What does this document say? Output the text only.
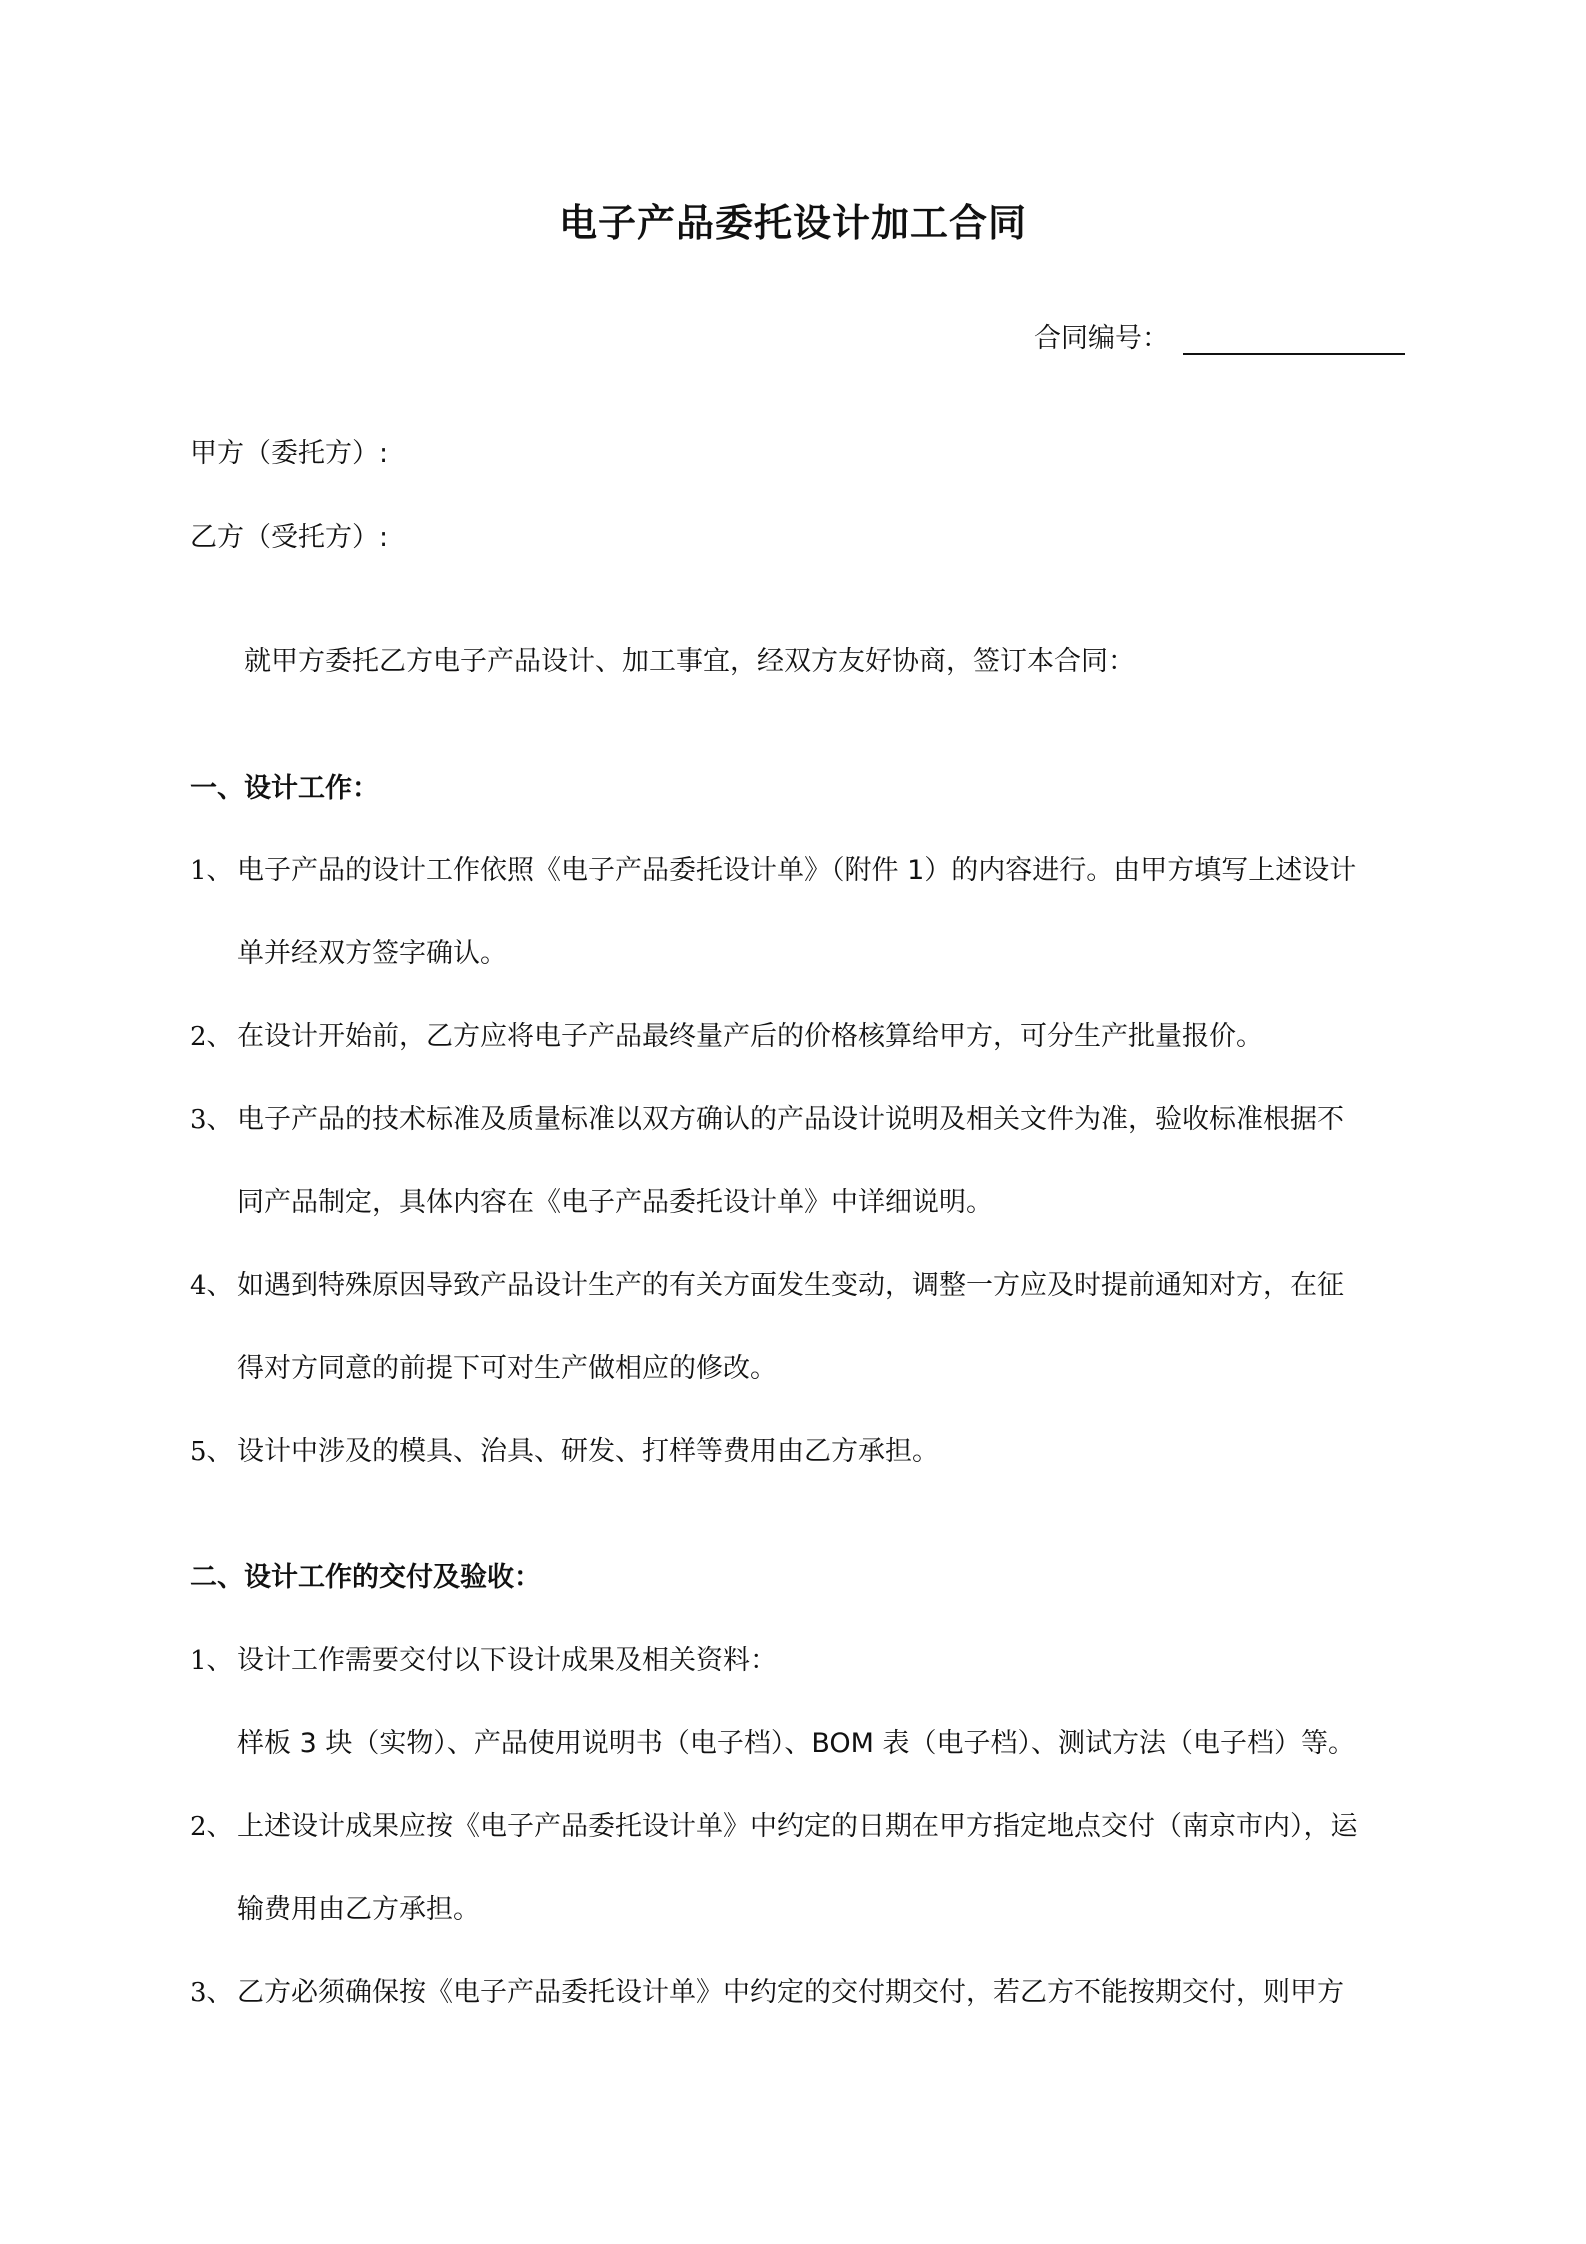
电子产品委托设计加工合同
合同编号：
甲方（委托方）:
乙方（受托方）:
就甲方委托乙方电子产品设计、加工事宜，经双方友好协商，签订本合同：
一、设计工作：
1、 电子产品的设计工作依照《电子产品委托设计单》（附件 1）的内容进行。由甲方填写上述设计
单并经双方签字确认。
2、 在设计开始前，乙方应将电子产品最终量产后的价格核算给甲方，可分生产批量报价。
3、 电子产品的技术标准及质量标准以双方确认的产品设计说明及相关文件为准，验收标准根据不
同产品制定，具体内容在《电子产品委托设计单》中详细说明。
4、 如遇到特殊原因导致产品设计生产的有关方面发生变动，调整一方应及时提前通知对方，在征
得对方同意的前提下可对生产做相应的修改。
5、 设计中涉及的模具、治具、研发、打样等费用由乙方承担。
二、设计工作的交付及验收：
1、 设计工作需要交付以下设计成果及相关资料：
样板 3 块（实物）、产品使用说明书（电子档）、BOM 表（电子档）、测试方法（电子档）等。
2、 上述设计成果应按《电子产品委托设计单》中约定的日期在甲方指定地点交付（南京市内），运
输费用由乙方承担。
3、 乙方必须确保按《电子产品委托设计单》中约定的交付期交付，若乙方不能按期交付，则甲方
